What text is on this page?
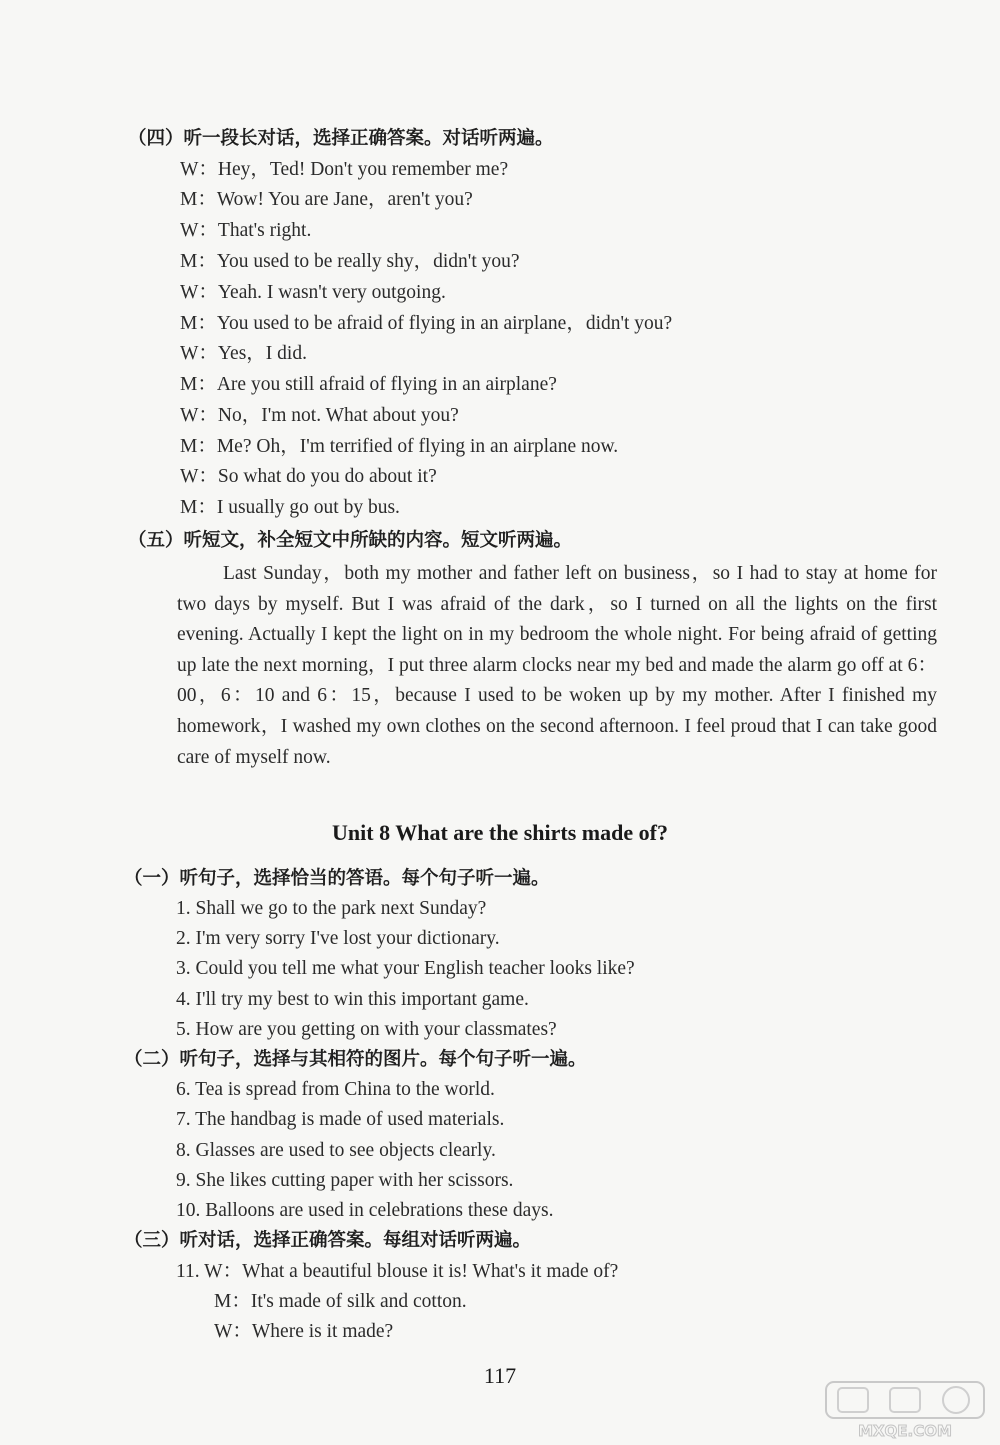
（四）听一段长对话，选择正确答案。对话听两遍。
W：Hey，Ted! Don't you remember me?
M：Wow! You are Jane，aren't you?
W：That's right.
M：You used to be really shy，didn't you?
W：Yeah. I wasn't very outgoing.
M：You used to be afraid of flying in an airplane，didn't you?
W：Yes，I did.
M：Are you still afraid of flying in an airplane?
W：No，I'm not. What about you?
M：Me? Oh，I'm terrified of flying in an airplane now.
W：So what do you do about it?
M：I usually go out by bus.
（五）听短文，补全短文中所缺的内容。短文听两遍。
Last Sunday，both my mother and father left on business，so I had to stay at home for two days by myself. But I was afraid of the dark，so I turned on all the lights on the first evening. Actually I kept the light on in my bedroom the whole night. For being afraid of getting up late the next morning，I put three alarm clocks near my bed and made the alarm go off at 6：00，6：10 and 6：15，because I used to be woken up by my mother. After I finished my homework，I washed my own clothes on the second afternoon. I feel proud that I can take good care of myself now.
Unit 8 What are the shirts made of?
（一）听句子，选择恰当的答语。每个句子听一遍。
1. Shall we go to the park next Sunday?
2. I'm very sorry I've lost your dictionary.
3. Could you tell me what your English teacher looks like?
4. I'll try my best to win this important game.
5. How are you getting on with your classmates?
（二）听句子，选择与其相符的图片。每个句子听一遍。
6. Tea is spread from China to the world.
7. The handbag is made of used materials.
8. Glasses are used to see objects clearly.
9. She likes cutting paper with her scissors.
10. Balloons are used in celebrations these days.
（三）听对话，选择正确答案。每组对话听两遍。
11. W：What a beautiful blouse it is! What's it made of?
M：It's made of silk and cotton.
W：Where is it made?
117
MXQE.COM
